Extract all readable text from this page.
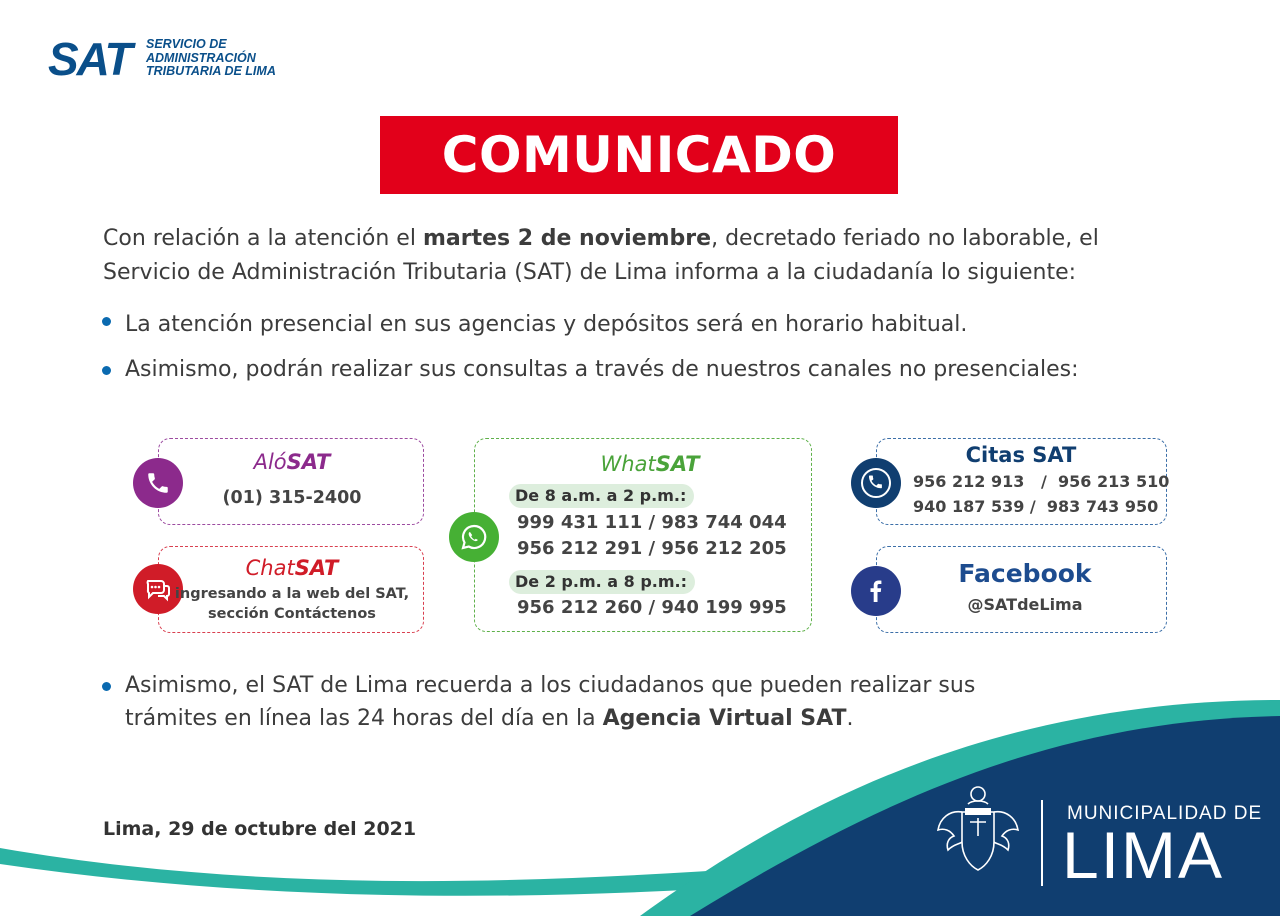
SAT SERVICIO DE
ADMINISTRACIÓN
TRIBUTARIA DE LIMA
COMUNICADO
Con relación a la atención el martes 2 de noviembre, decretado feriado no laborable, el Servicio de Administración Tributaria (SAT) de Lima informa a la ciudadanía lo siguiente:
La atención presencial en sus agencias y depósitos será en horario habitual.
Asimismo, podrán realizar sus consultas a través de nuestros canales no presenciales:
AlóSAT
(01) 315-2400
ChatSAT
ingresando a la web del SAT, sección Contáctenos
WhatSAT
De 8 a.m. a 2 p.m.:
999 431 111 / 983 744 044
956 212 291 / 956 212 205
De 2 p.m. a 8 p.m.:
956 212 260 / 940 199 995
Citas SAT
956 212 913   /  956 213 510
940 187 539 /  983 743 950
Facebook
@SATdeLima
Asimismo, el SAT de Lima recuerda a los ciudadanos que pueden realizar sus trámites en línea las 24 horas del día en la Agencia Virtual SAT.
Lima, 29 de octubre del 2021
MUNICIPALIDAD DE
LIMA
